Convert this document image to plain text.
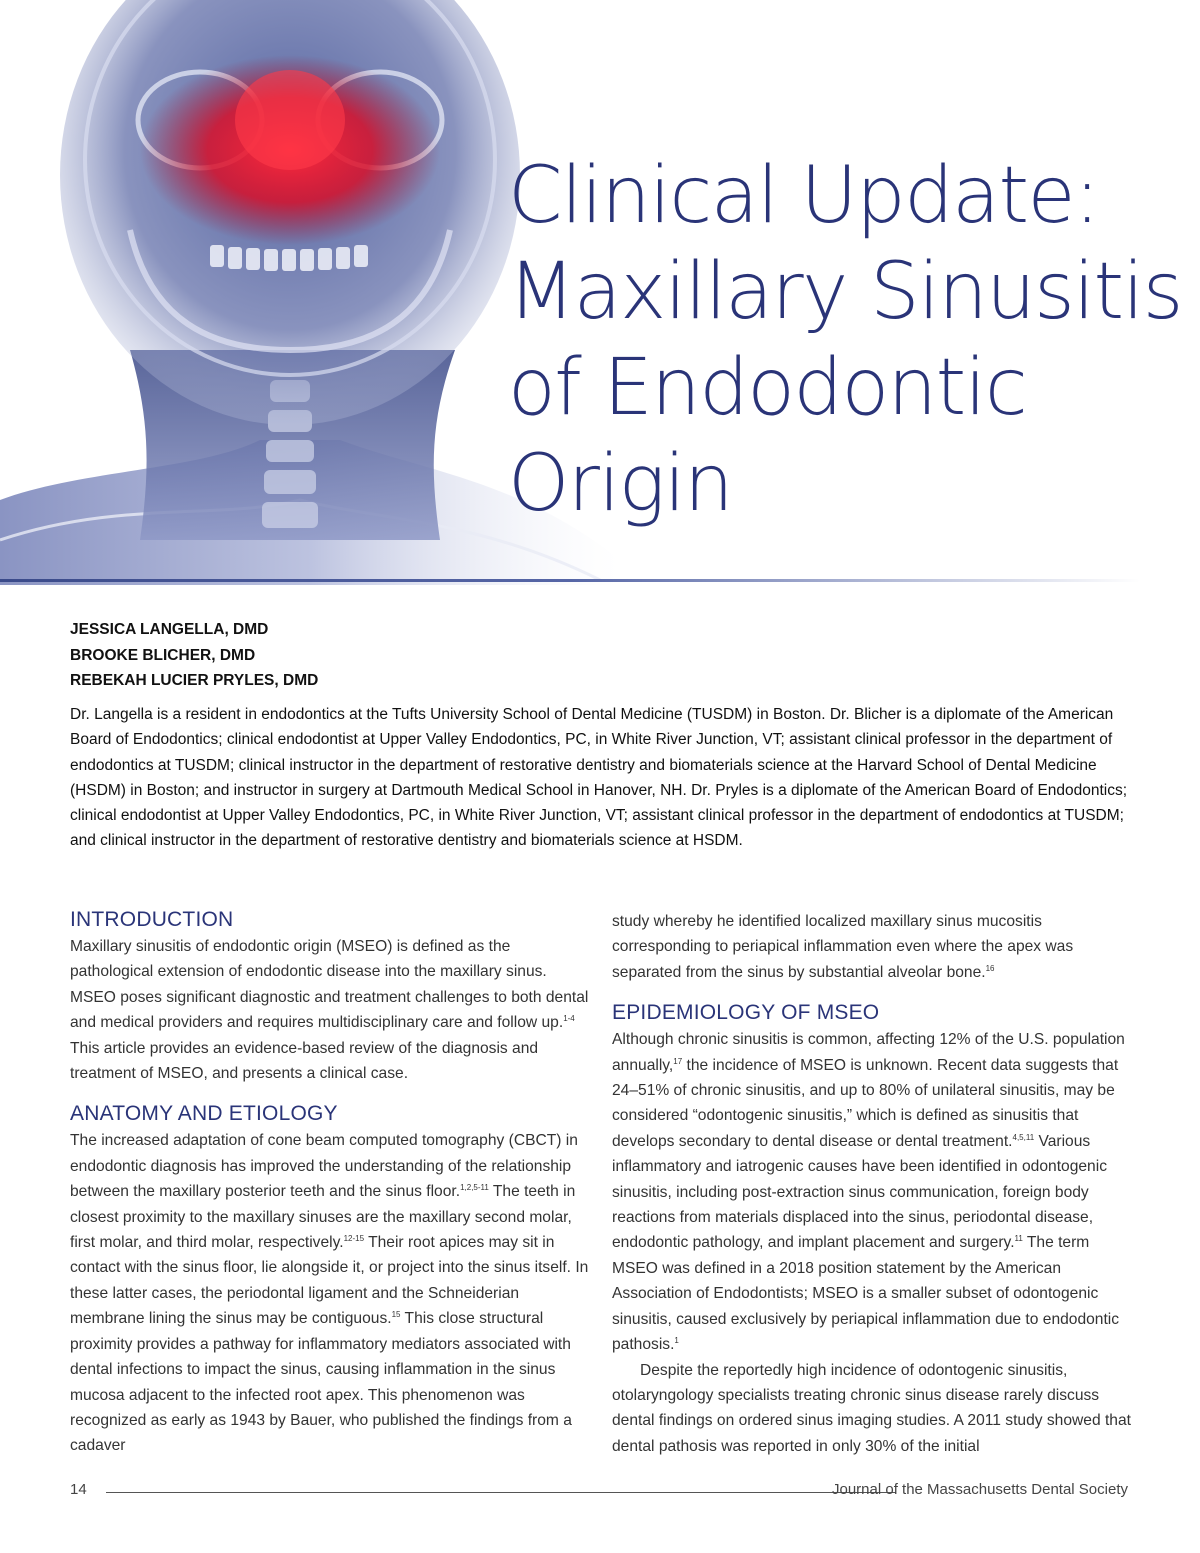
Clinical Update:
Maxillary Sinusitis
of Endodontic
Origin
JESSICA LANGELLA, DMD
BROOKE BLICHER, DMD
REBEKAH LUCIER PRYLES, DMD

Dr. Langella is a resident in endodontics at the Tufts University School of Dental Medicine (TUSDM) in Boston. Dr. Blicher is a diplomate of the American Board of Endodontics; clinical endodontist at Upper Valley Endodontics, PC, in White River Junction, VT; assistant clinical professor in the department of endodontics at TUSDM; clinical instructor in the department of restorative dentistry and biomaterials science at the Harvard School of Dental Medicine (HSDM) in Boston; and instructor in surgery at Dartmouth Medical School in Hanover, NH. Dr. Pryles is a diplomate of the American Board of Endodontics; clinical endodontist at Upper Valley Endodontics, PC, in White River Junction, VT; assistant clinical professor in the department of endodontics at TUSDM; and clinical instructor in the department of restorative dentistry and biomaterials science at HSDM.

INTRODUCTION

Maxillary sinusitis of endodontic origin (MSEO) is defined as the pathological extension of endodontic disease into the maxillary sinus. MSEO poses significant diagnostic and treatment challenges to both dental and medical providers and requires multidisciplinary care and follow up.$^{1-4}$ This article provides an evidence-based review of the diagnosis and treatment of MSEO, and presents a clinical case.

ANATOMY AND ETIOLOGY

The increased adaptation of cone beam computed tomography (CBCT) in endodontic diagnosis has improved the understanding of the relationship between the maxillary posterior teeth and the sinus floor.$^{1,2,5-11}$ The teeth in closest proximity to the maxillary sinuses are the maxillary second molar, first molar, and third molar, respectively.$^{12-15}$ Their root apices may sit in contact with the sinus floor, lie alongside it, or project into the sinus itself. In these latter cases, the periodontal ligament and the Schneiderian membrane lining the sinus may be contiguous.$^{15}$ This close structural proximity provides a pathway for inflammatory mediators associated with dental infections to impact the sinus, causing inflammation in the sinus mucosa adjacent to the infected root apex. This phenomenon was recognized as early as 1943 by Bauer, who published the findings from a cadaver

study whereby he identified localized maxillary sinus mucositis corresponding to periapical inflammation even where the apex was separated from the sinus by substantial alveolar bone.$^{16}$

EPIDEMIOLOGY OF MSEO

Although chronic sinusitis is common, affecting 12% of the U.S. population annually,$^{17}$ the incidence of MSEO is unknown. Recent data suggests that 24–51% of chronic sinusitis, and up to 80% of unilateral sinusitis, may be considered “odontogenic sinusitis,” which is defined as sinusitis that develops secondary to dental disease or dental treatment.$^{4,5,11}$ Various inflammatory and iatrogenic causes have been identified in odontogenic sinusitis, including post-extraction sinus communication, foreign body reactions from materials displaced into the sinus, periodontal disease, endodontic pathology, and implant placement and surgery.$^{11}$ The term MSEO was defined in a 2018 position statement by the American Association of Endodontists; MSEO is a smaller subset of odontogenic sinusitis, caused exclusively by periapical inflammation due to endodontic pathosis.$^1$

Despite the reportedly high incidence of odontogenic sinusitis, otolaryngology specialists treating chronic sinus disease rarely discuss dental findings on ordered sinus imaging studies. A 2011 study showed that dental pathosis was reported in only 30% of the initial

14	Journal of the Massachusetts Dental Society
